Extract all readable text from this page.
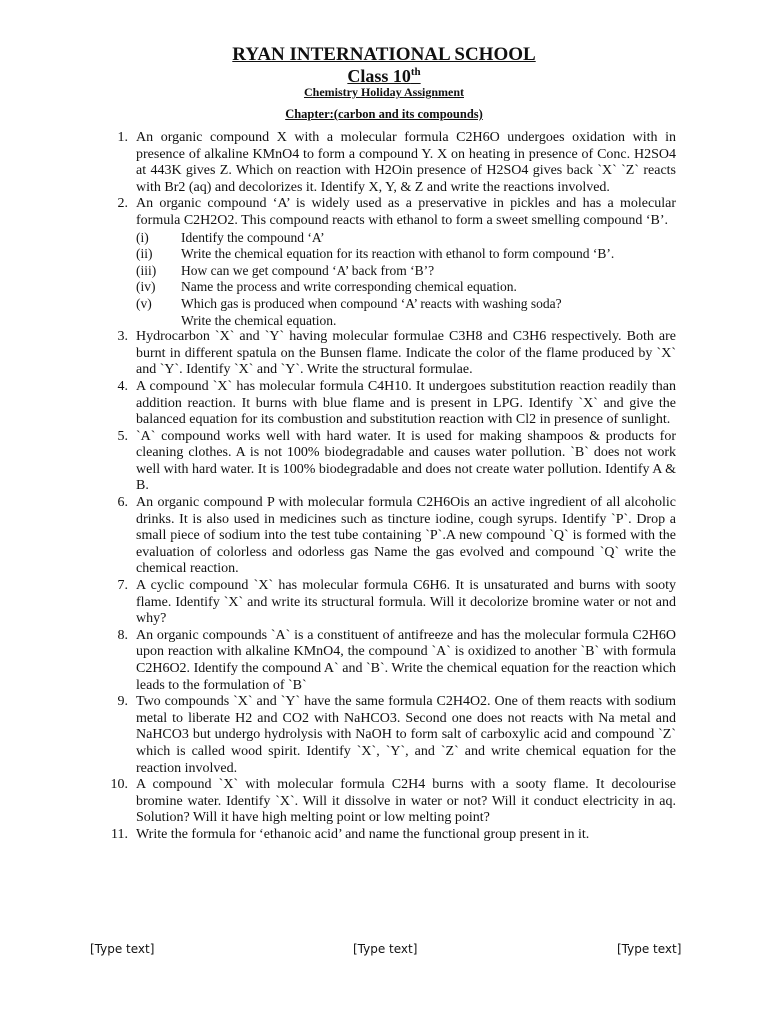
RYAN INTERNATIONAL SCHOOL
Class 10th
Chemistry Holiday Assignment
Chapter:(carbon and its compounds)
1. An organic compound X with a molecular formula C2H6O undergoes oxidation with in presence of alkaline KMnO4 to form a compound Y. X on heating in presence of Conc. H2SO4 at 443K gives Z. Which on reaction with H2Oin presence of H2SO4 gives back `X` `Z` reacts with Br2 (aq) and decolorizes it. Identify X, Y, & Z and write the reactions involved.
2. An organic compound ‘A’ is widely used as a preservative in pickles and has a molecular formula C2H2O2. This compound reacts with ethanol to form a sweet smelling compound ‘B’.
(i) Identify the compound ‘A’
(ii) Write the chemical equation for its reaction with ethanol to form compound ‘B’.
(iii) How can we get compound ‘A’ back from ‘B’?
(iv) Name the process and write corresponding chemical equation.
(v) Which gas is produced when compound ‘A’ reacts with washing soda?
Write the chemical equation.
3. Hydrocarbon `X` and `Y` having molecular formulae C3H8 and C3H6 respectively. Both are burnt in different spatula on the Bunsen flame. Indicate the color of the flame produced by `X` and `Y`. Identify `X` and `Y`. Write the structural formulae.
4. A compound `X` has molecular formula C4H10. It undergoes substitution reaction readily than addition reaction. It burns with blue flame and is present in LPG. Identify `X` and give the balanced equation for its combustion and substitution reaction with Cl2 in presence of sunlight.
5. `A` compound works well with hard water. It is used for making shampoos & products for cleaning clothes. A is not 100% biodegradable and causes water pollution. `B` does not work well with hard water. It is 100% biodegradable and does not create water pollution. Identify A & B.
6. An organic compound P with molecular formula C2H6Ois an active ingredient of all alcoholic drinks. It is also used in medicines such as tincture iodine, cough syrups. Identify `P`. Drop a small piece of sodium into the test tube containing `P`.A new compound `Q` is formed with the evaluation of colorless and odorless gas Name the gas evolved and compound `Q` write the chemical reaction.
7. A cyclic compound `X` has molecular formula C6H6. It is unsaturated and burns with sooty flame. Identify `X` and write its structural formula. Will it decolorize bromine water or not and why?
8. An organic compounds `A` is a constituent of antifreeze and has the molecular formula C2H6O upon reaction with alkaline KMnO4, the compound `A` is oxidized to another `B` with formula C2H6O2. Identify the compound A` and `B`. Write the chemical equation for the reaction which leads to the formulation of `B`
9. Two compounds `X` and `Y` have the same formula C2H4O2. One of them reacts with sodium metal to liberate H2 and CO2 with NaHCO3. Second one does not reacts with Na metal and NaHCO3 but undergo hydrolysis with NaOH to form salt of carboxylic acid and compound `Z` which is called wood spirit. Identify `X`, `Y`, and `Z` and write chemical equation for the reaction involved.
10. A compound `X` with molecular formula C2H4 burns with a sooty flame. It decolourise bromine water. Identify `X`. Will it dissolve in water or not? Will it conduct electricity in aq. Solution? Will it have high melting point or low melting point?
11. Write the formula for ‘ethanoic acid’ and name the functional group present in it.
[Type text]	[Type text]	[Type text]
